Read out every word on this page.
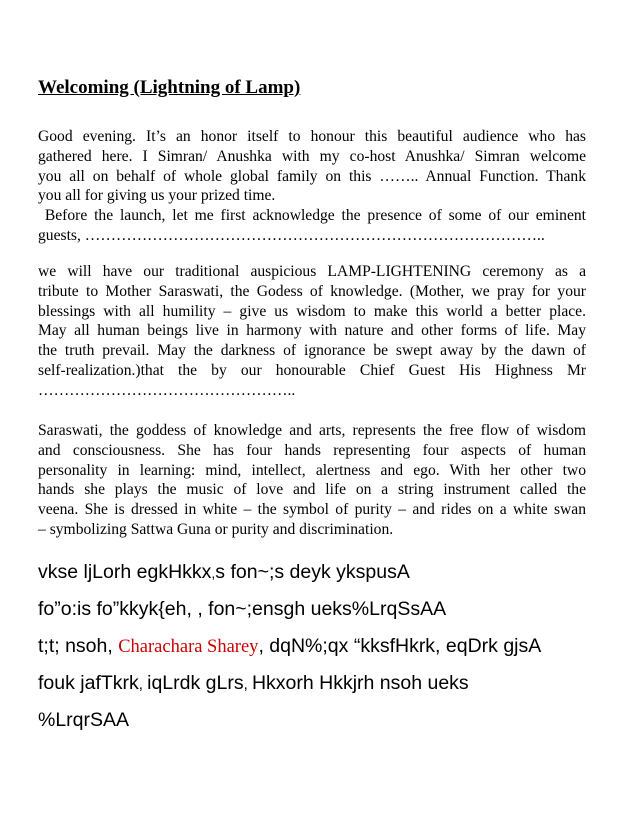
Welcoming (Lightning of Lamp)

Good evening. It’s an honor itself to honour this beautiful audience who has
gathered here. I Simran/ Anushka with my co-host Anushka/ Simran welcome
you all on behalf of whole global family on this …….. Annual Function. Thank
you all for giving us your prized time.
Before the launch, let me first acknowledge the presence of some of our eminent
guests, ……………………………………………………………………………..

we will have our traditional auspicious LAMP-LIGHTENING ceremony as a
tribute to Mother Saraswati, the Godess of knowledge. (Mother, we pray for your
blessings with all humility – give us wisdom to make this world a better place.
May all human beings live in harmony with nature and other forms of life. May
the truth prevail. May the darkness of ignorance be swept away by the dawn of
self-realization.)that the by our honourable Chief Guest His Highness Mr
…………………………………………..

Saraswati, the goddess of knowledge and arts, represents the free flow of wisdom
and consciousness. She has four hands representing four aspects of human
personality in learning: mind, intellect, alertness and ego. With her other two
hands she plays the music of love and life on a string instrument called the
veena. She is dressed in white – the symbol of purity – and rides on a white swan
– symbolizing Sattwa Guna or purity and discrimination.

vkse ljLorh egkHkkx,s fon~;s deyk ykspusA
fo”o:is fo”kkyk{eh, , fon~;ensgh ueks%LrqSsAA
t;t; nsoh, Charachara Sharey, dqN%;qx “kksfHkrk, eqDrk gjsA
fouk jafTkrk, iqLrdk gLrs, Hkxorh Hkkjrh nsoh ueks
%LrqrSAA
